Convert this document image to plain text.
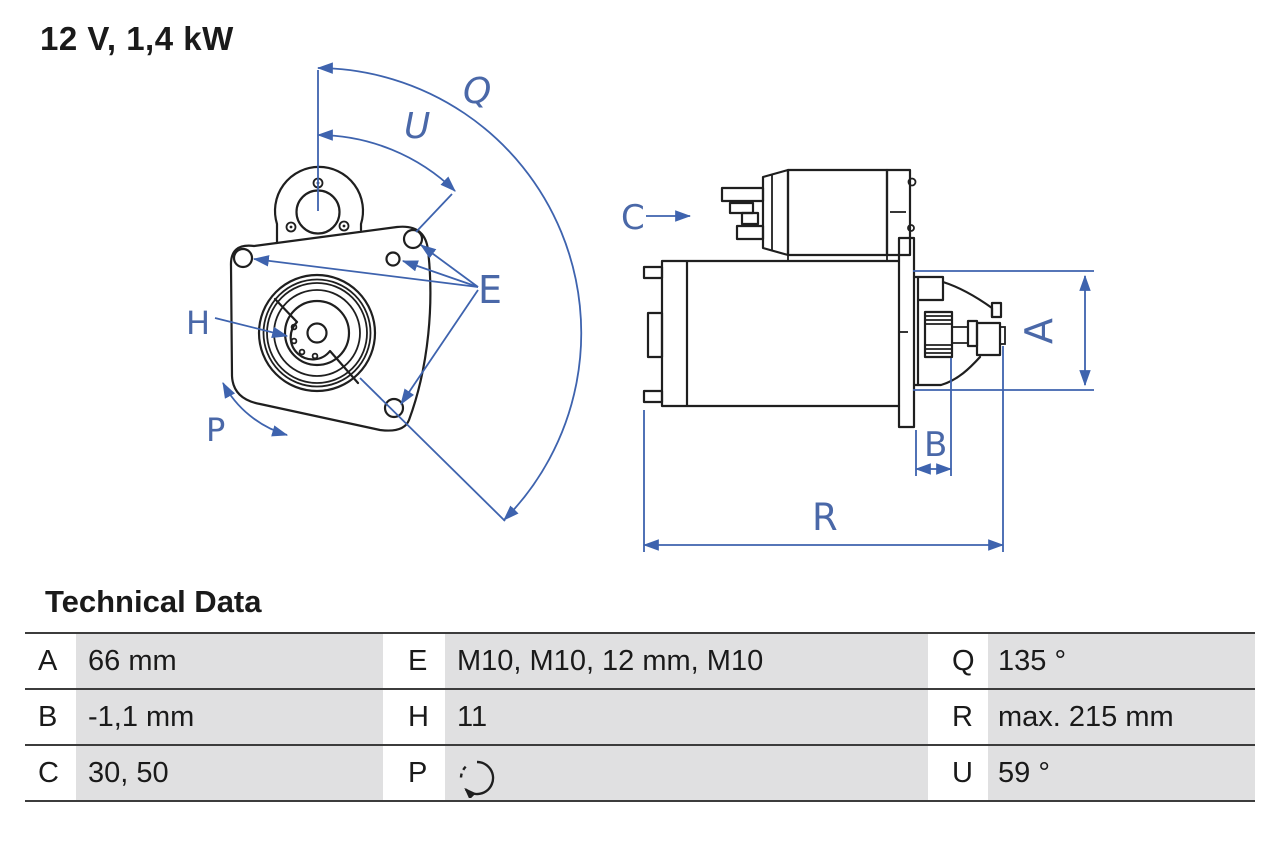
12 V, 1,4 kW
Q
U
E
H
P
C
A
B
R
Technical Data
A	66 mm	E	M10, M10, 12 mm, M10	Q 135 °
B	-1,1 mm	H 11	R max. 215 mm
C	30, 50	P	U 59 °
